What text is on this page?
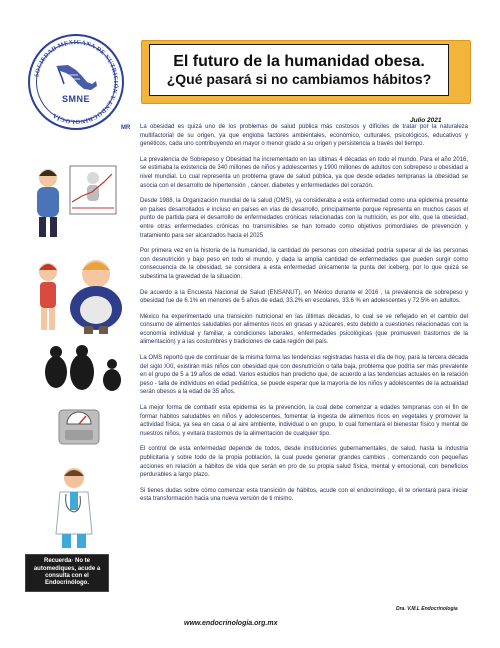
SOCIEDAD MEXICANA DE NUTRICIÓN Y ENDOCRINOLOGÍA
SMNE
MR
El futuro de la humanidad obesa.
¿Qué pasará si no cambiamos hábitos?
Julio 2021

La obesidad es quizá uno de los problemas de salud pública más costosos y difíciles de tratar por la naturaleza multifactorial de su origen, ya que engloba factores ambientales, económico, culturales, psicológicos, educativos y genéticos, cada uno contribuyendo en mayor o menor grado a su origen y persistencia a través del tiempo.

La prevalencia de Sobrepeso y Obesidad ha incrementado en las últimas 4 décadas en todo el mundo. Para el año 2016, se estimaba la existencia de 340 millones de niños y adolescentes y 1900 millones de adultos con sobrepeso u obesidad a nivel mundial. Lo cual representa un problema grave de salud pública, ya que desde edades tempranas la obesidad se asocia con el desarrollo de hipertensión , cáncer, diabetes y enfermedades del corazón.

Desde 1988, la Organización mundial de la salud (OMS), ya consideraba a esta enfermedad como una epidemia presente en países desarrollados e incluso en países en vías de desarrollo, principalmente porque representa en muchos casos el punto de partida para el desarrollo de enfermedades crónicas relacionadas con la nutrición, es por ello, que la obesidad, entre otras enfermedades crónicas no transmisibles se han tomado como objetivos primordiales de prevención y tratamiento para ser alcanzados hacia el 2025

Por primera vez en la historia de la humanidad, la cantidad de personas con obesidad podría superar al de las personas con desnutrición y bajo peso en todo el mundo, y dada la amplia cantidad de enfermedades que pueden surgir como consecuencia de la obesidad, se considera a esta enfermedad únicamente la punta del iceberg, por lo que quizá se subestima la gravedad de la situación.

De acuerdo a la Encuesta Nacional de Salud (ENSANUT), en México durante el 2016 , la prevalencia de sobrepeso y obesidad fue de 6.1% en menores de 5 años de edad, 33.2% en escolares, 33.6 % en adolescentes y 72.5% en adultos.

México ha experimentado una transición nutricional en las últimas décadas, lo cual se ve reflejado en el cambio del consumo de alimentos saludables por alimentos ricos en grasas y azúcares, esto debido a cuestiones relacionadas con la economía individual y familiar, a condiciones laborales, enfermedades psicológicas (que promueven trastornos de la alimentación) y a las costumbres y tradiciones de cada región del país.

La OMS reportó que de continuar de la misma forma las tendencias registradas hasta el día de hoy, para la tercera década del siglo XXI, existirán más niños con obesidad que con desnutrición o talla baja, problema que podría ser más prevalente en el grupo de 5 a 19 años de edad. Varios estudios han predicho que, de acuerdo a las tendencias actuales en la relación peso - talla de individuos en edad pediátrica, se puede esperar que la mayoría de los niños y adolescentes de la actualidad serán obesos a la edad de 35 años.

La mejor forma de combatir esta epidemia es la prevención, la cual debe comenzar a edades tempranas con el fin de formar hábitos saludables en niños y adolescentes, fomentar la ingesta de alimentos ricos en vegetales y promover la actividad física, ya sea en casa o al aire ambiente, individual o en grupo, lo cual fomentará el bienestar físico y mental de nuestros niños, y evitará trastornos de la alimentación de cualquier tipo.

El control de esta enfermedad depende de todos, desde instituciones gubernamentales, de salud, hasta la industria publicitaria y sobre todo de la propia población, la cual puede generar grandes cambios , comenzando con pequeñas acciones en relación a hábitos de vida que serán en pro de su propia salud física, mental y emocional, con beneficios perdurables a largo plazo.

Si tienes dudas sobre cómo comenzar esta transición de hábitos, acude con el endocrinólogo, él te orientará para iniciar esta transformación hacia una nueva versión de ti mismo.

Recuerda· No te automediques, acude a consulta con el Endocrinólogo.
Dra. V.M.L Endocrinología
www.endocrinologia.org.mx
